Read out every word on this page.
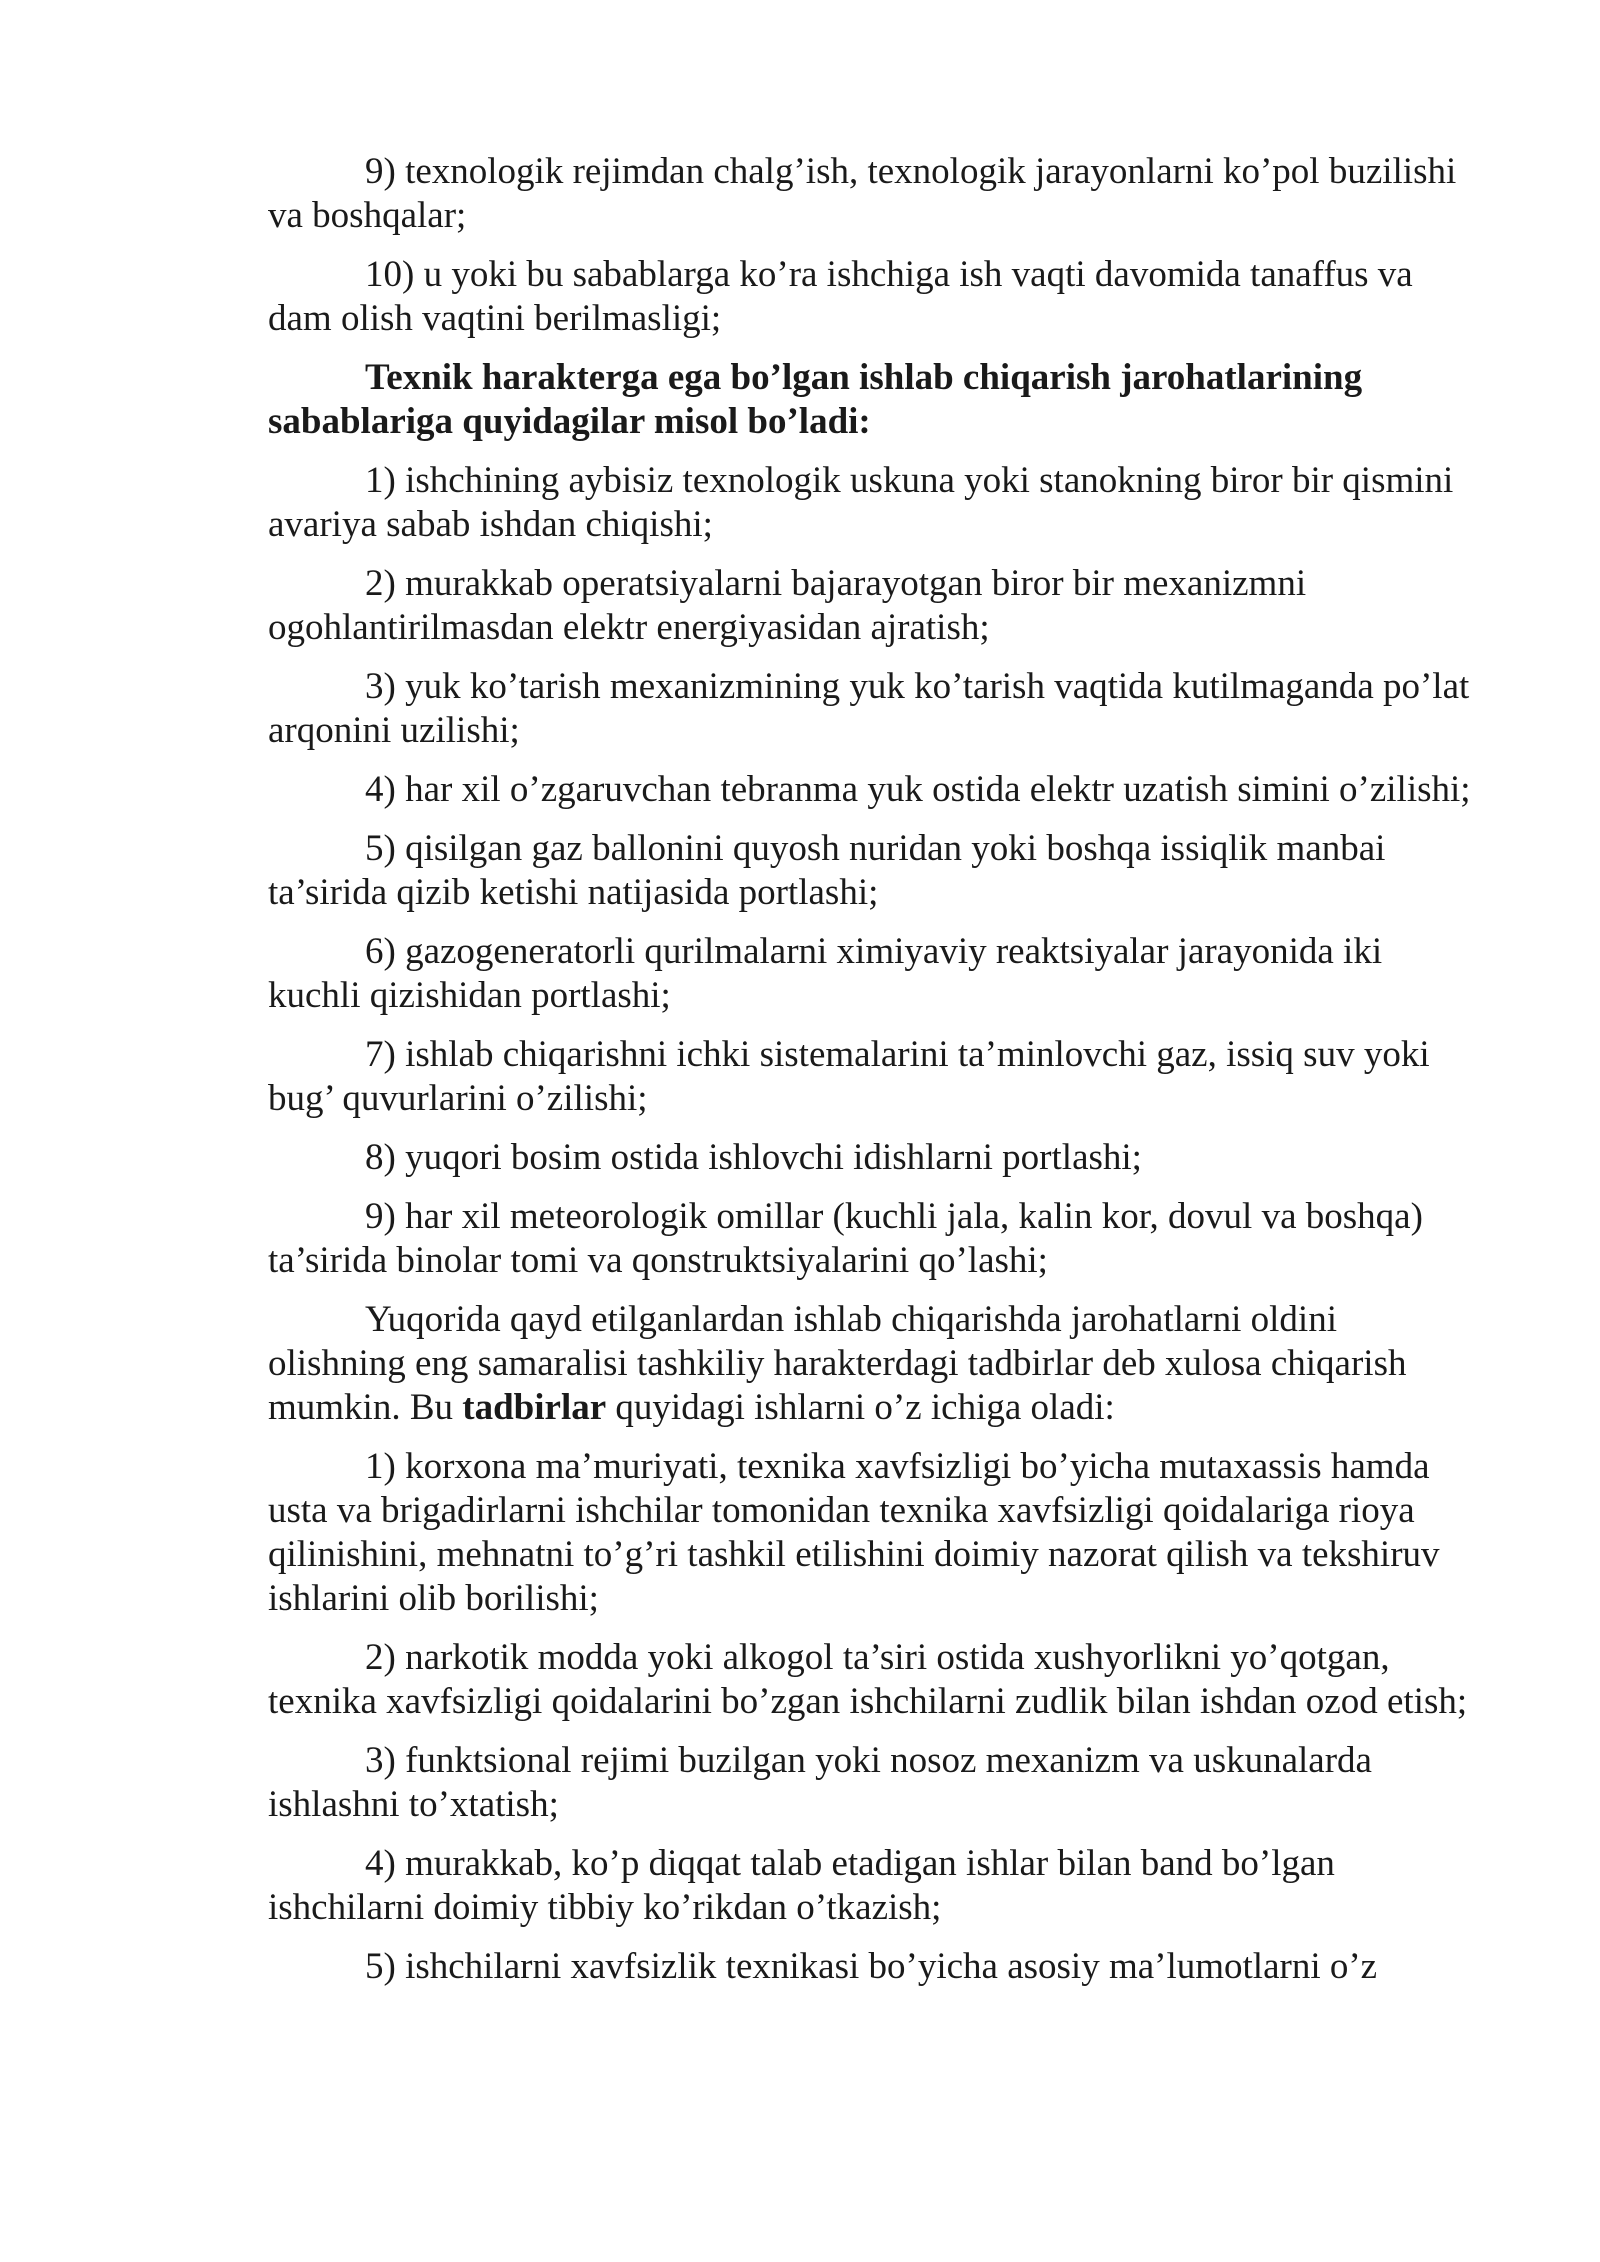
9) texnologik rejimdan chalg’ish, texnologik jarayonlarni ko’pol buzilishi va boshqalar;

10) u yoki bu sabablarga ko’ra ishchiga ish vaqti davomida tanaffus va dam olish vaqtini berilmasligi;

Texnik harakterga ega bo’lgan ishlab chiqarish jarohatlarining sabablariga quyidagilar misol bo’ladi:

1) ishchining aybisiz texnologik uskuna yoki stanokning biror bir qismini avariya sabab ishdan chiqishi;

2) murakkab operatsiyalarni bajarayotgan biror bir mexanizmni ogohlantirilmasdan elektr energiyasidan ajratish;

3) yuk ko’tarish mexanizmining yuk ko’tarish vaqtida kutilmaganda po’lat arqonini uzilishi;

4) har xil o’zgaruvchan tebranma yuk ostida elektr uzatish simini o’zilishi;

5) qisilgan gaz ballonini quyosh nuridan yoki boshqa issiqlik manbai ta’sirida qizib ketishi natijasida portlashi;

6) gazogeneratorli qurilmalarni ximiyaviy reaktsiyalar jarayonida iki kuchli qizishidan portlashi;

7) ishlab chiqarishni ichki sistemalarini ta’minlovchi gaz, issiq suv yoki bug’ quvurlarini o’zilishi;

8) yuqori bosim ostida ishlovchi idishlarni portlashi;

9) har xil meteorologik omillar (kuchli jala, kalin kor, dovul va boshqa) ta’sirida binolar tomi va qonstruktsiyalarini qo’lashi;

Yuqorida qayd etilganlardan ishlab chiqarishda jarohatlarni oldini olishning eng samaralisi tashkiliy harakterdagi tadbirlar deb xulosa chiqarish mumkin. Bu tadbirlar quyidagi ishlarni o’z ichiga oladi:

1) korxona ma’muriyati, texnika xavfsizligi bo’yicha mutaxassis hamda usta va brigadirlarni ishchilar tomonidan texnika xavfsizligi qoidalariga rioya qilinishini, mehnatni to’g’ri tashkil etilishini doimiy nazorat qilish va tekshiruv ishlarini olib borilishi;

2) narkotik modda yoki alkogol ta’siri ostida xushyorlikni yo’qotgan, texnika xavfsizligi qoidalarini bo’zgan ishchilarni zudlik bilan ishdan ozod etish;

3) funktsional rejimi buzilgan yoki nosoz mexanizm va uskunalarda ishlashni to’xtatish;

4) murakkab, ko’p diqqat talab etadigan ishlar bilan band bo’lgan ishchilarni doimiy tibbiy ko’rikdan o’tkazish;

5) ishchilarni xavfsizlik texnikasi bo’yicha asosiy ma’lumotlarni o’z
